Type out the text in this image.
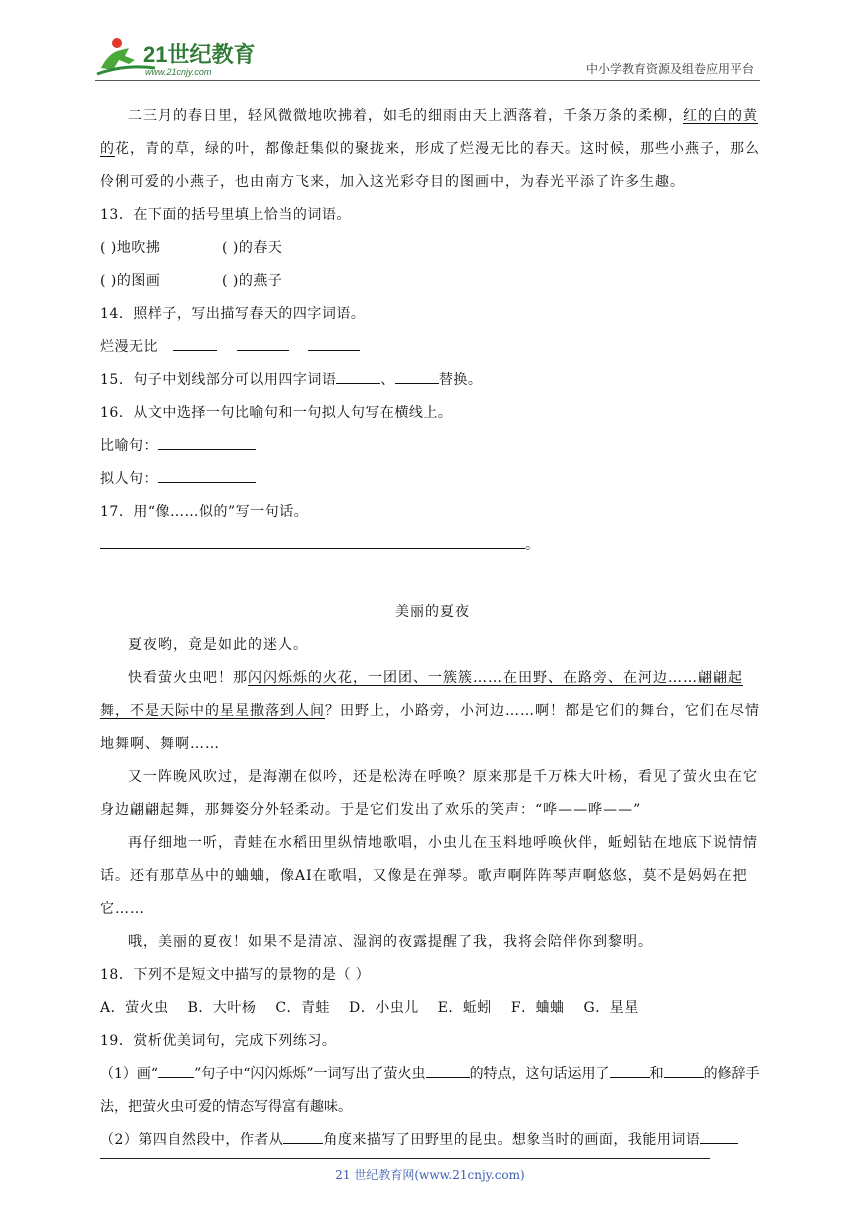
21世纪教育
www.21cnjy.com	中小学教育资源及组卷应用平台

二三月的春日里，轻风微微地吹拂着，如毛的细雨由天上洒落着，千条万条的柔柳，红的白的黄的花，青的草，绿的叶，都像赶集似的聚拢来，形成了烂漫无比的春天。这时候，那些小燕子，那么伶俐可爱的小燕子，也由南方飞来，加入这光彩夺目的图画中，为春光平添了许多生趣。

13．在下面的括号里填上恰当的词语。

( )地吹拂	( )的春天

( )的图画	( )的燕子

14．照样子，写出描写春天的四字词语。

烂漫无比

15．句子中划线部分可以用四字词语	、	替换。

16．从文中选择一句比喻句和一句拟人句写在横线上。

比喻句：

拟人句：

17．用“像……似的”写一句话。

。

美丽的夏夜

夏夜哟，竟是如此的迷人。

快看萤火虫吧！那闪闪烁烁的火花，一团团、一簇簇……在田野、在路旁、在河边……翩翩起舞，不是天际中的星星撒落到人间？田野上，小路旁，小河边……啊！都是它们的舞台，它们在尽情地舞啊、舞啊……

又一阵晚风吹过，是海潮在似吟，还是松涛在呼唤？原来那是千万株大叶杨，看见了萤火虫在它身边翩翩起舞，那舞姿分外轻柔动。于是它们发出了欢乐的笑声：“哗——哗——”

再仔细地一听，青蛙在水稻田里纵情地歌唱，小虫儿在玉料地呼唤伙伴，蚯蚓钻在地底下说情情话。还有那草丛中的蛐蛐，像AI在歌唱，又像是在弹琴。歌声啊阵阵琴声啊悠悠，莫不是妈妈在把它……

哦，美丽的夏夜！如果不是清凉、湿润的夜露提醒了我，我将会陪伴你到黎明。

18．下列不是短文中描写的景物的是（ ）

A．萤火虫 B．大叶杨 C．青蛙 D．小虫儿 E．蚯蚓 F．蛐蛐 G．星星

19．赏析优美词句，完成下列练习。

（1）画“	”句子中“闪闪烁烁”一词写出了萤火虫	的特点，这句话运用了	和	的修辞手法，把萤火虫可爱的情态写得富有趣味。

（2）第四自然段中，作者从	角度来描写了田野里的昆虫。想象当时的画面，我能用词语

21 世纪教育网(www.21cnjy.com)
